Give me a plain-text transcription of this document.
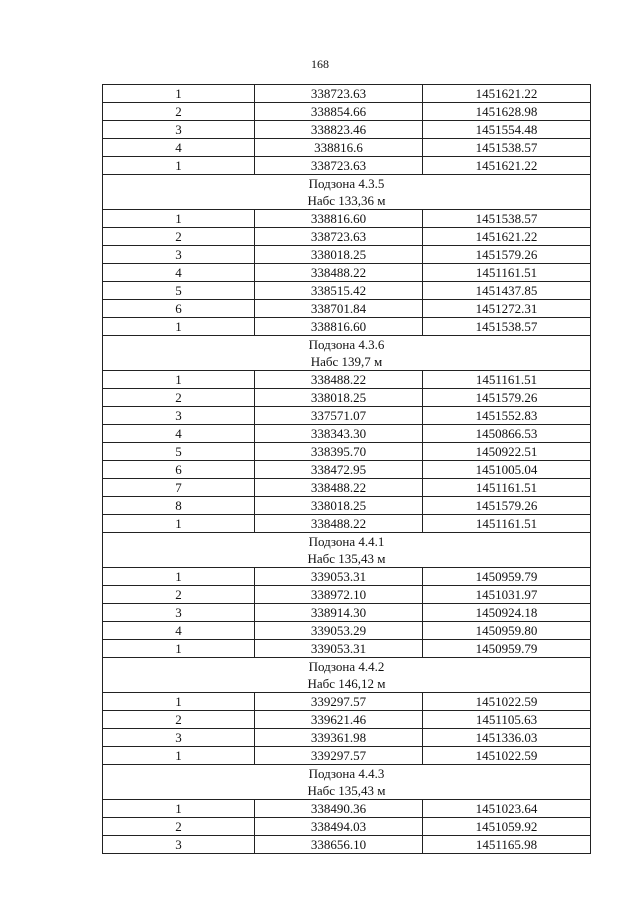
168
1	338723.63	1451621.22
2	338854.66	1451628.98
3	338823.46	1451554.48
4	338816.6	1451538.57
1	338723.63	1451621.22

Подзона 4.3.5
Набс 133,36 м		

1	338816.60	1451538.57
2	338723.63	1451621.22
3	338018.25	1451579.26
4	338488.22	1451161.51
5	338515.42	1451437.85
6	338701.84	1451272.31
1	338816.60	1451538.57

Подзона 4.3.6
Набс 139,7 м		

1	338488.22	1451161.51
2	338018.25	1451579.26
3	337571.07	1451552.83
4	338343.30	1450866.53
5	338395.70	1450922.51
6	338472.95	1451005.04
7	338488.22	1451161.51
8	338018.25	1451579.26
1	338488.22	1451161.51

Подзона 4.4.1
Набс 135,43 м		

1	339053.31	1450959.79
2	338972.10	1451031.97
3	338914.30	1450924.18
4	339053.29	1450959.80
1	339053.31	1450959.79

Подзона 4.4.2
Набс 146,12 м		

1	339297.57	1451022.59
2	339621.46	1451105.63
3	339361.98	1451336.03
1	339297.57	1451022.59

Подзона 4.4.3
Набс 135,43 м		

1	338490.36	1451023.64
2	338494.03	1451059.92
3	338656.10	1451165.98
